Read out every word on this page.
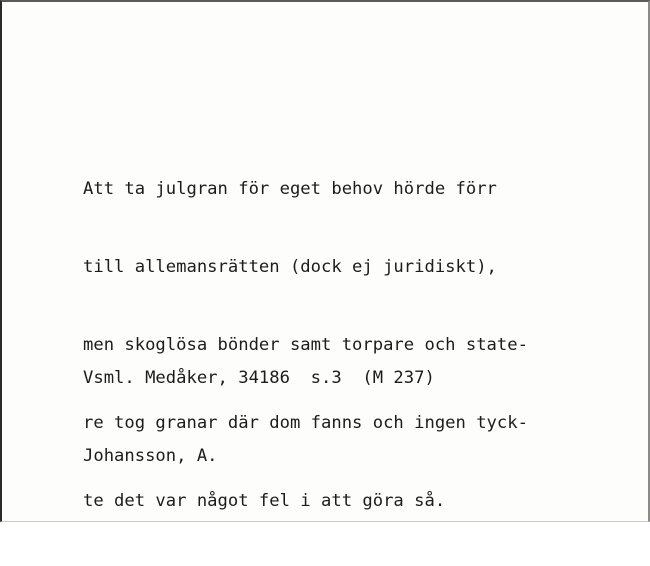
Att ta julgran för eget behov hörde förr

till allemansrätten (dock ej juridiskt),

men skoglösa bönder samt torpare och state-

re tog granar där dom fanns och ingen tyck-

te det var något fel i att göra så.

Vsml. Medåker, 34186  s.3  (M 237)

Johansson, A.
